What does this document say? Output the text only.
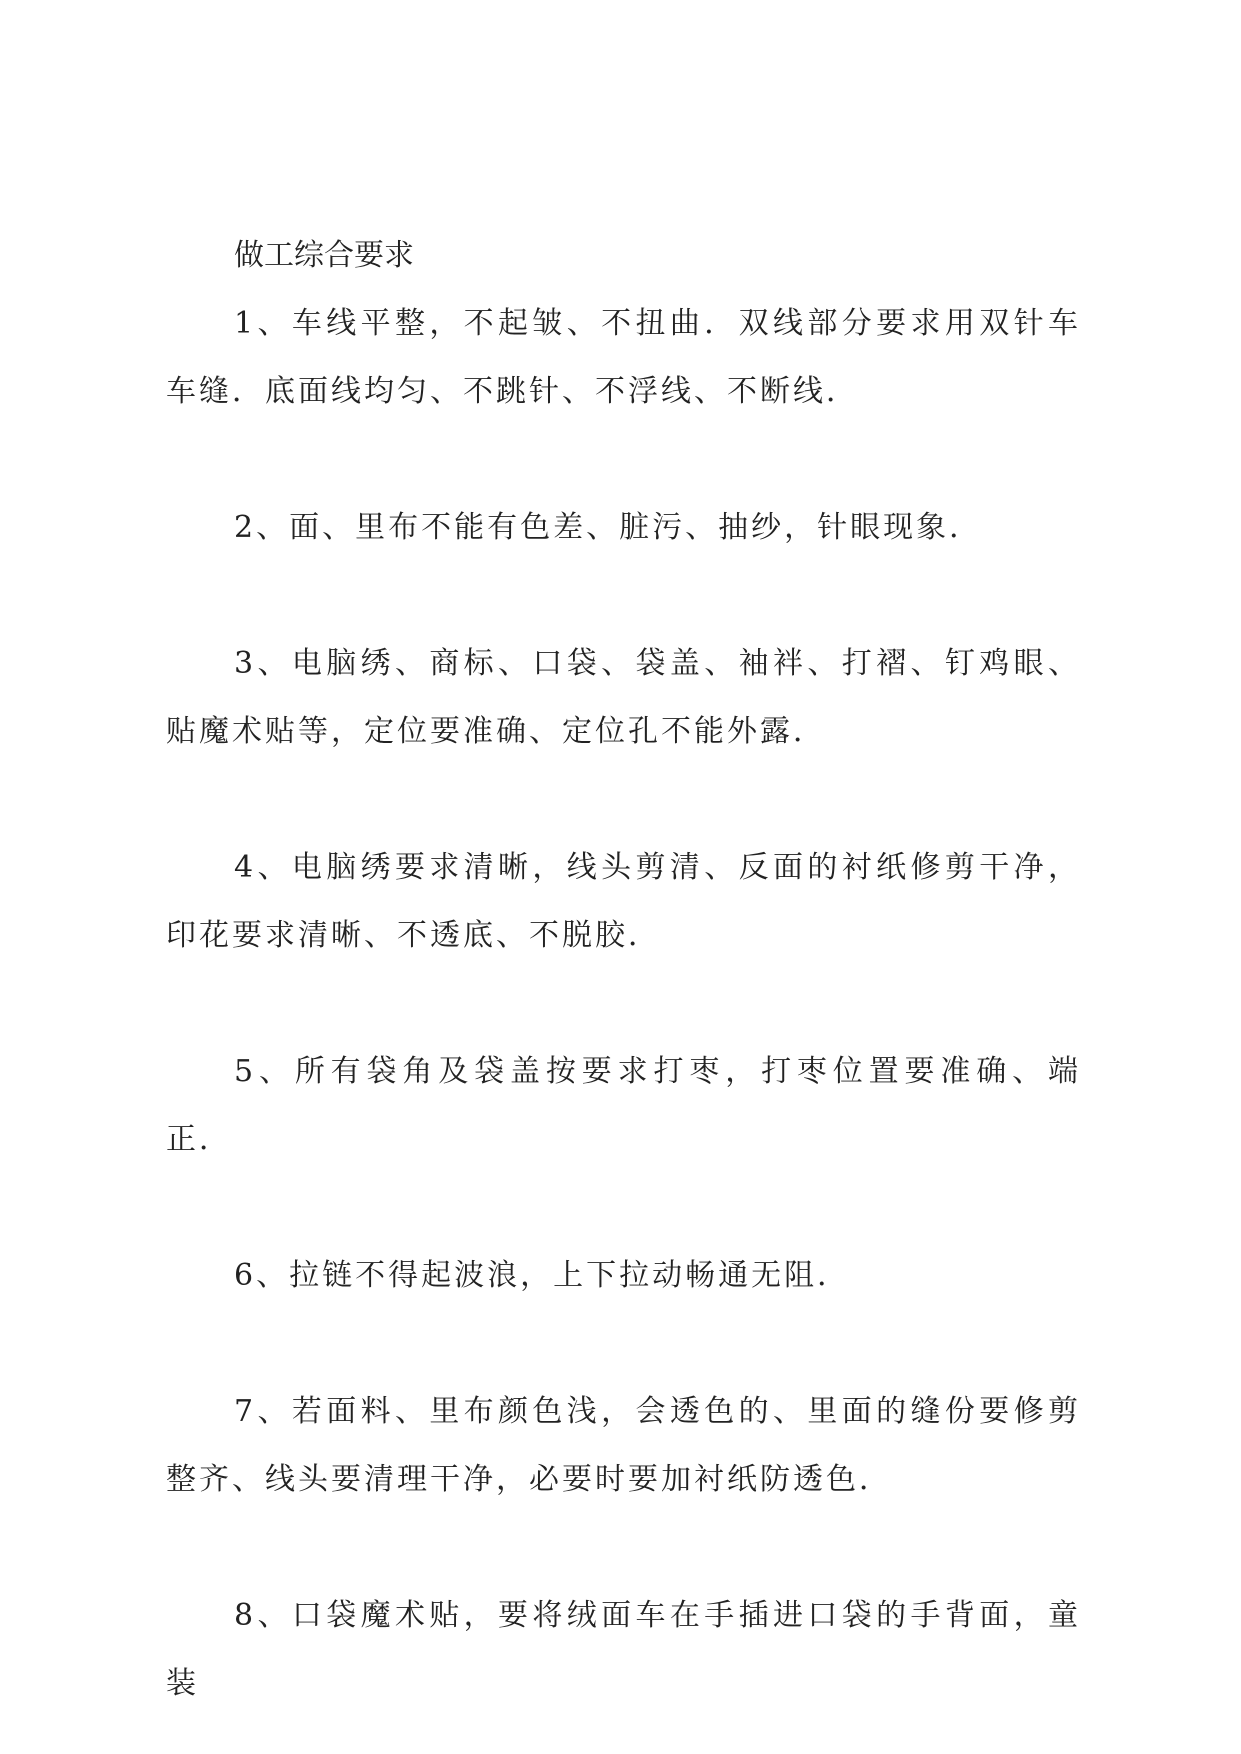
做工综合要求

1、车线平整，不起皱、不扭曲．双线部分要求用双针车车缝．底面线均匀、不跳针、不浮线、不断线．

2、面、里布不能有色差、脏污、抽纱，针眼现象．

3、电脑绣、商标、口袋、袋盖、袖袢、打褶、钉鸡眼、贴魔术贴等，定位要准确、定位孔不能外露．

4、电脑绣要求清晰，线头剪清、反面的衬纸修剪干净，印花要求清晰、不透底、不脱胶．

5、所有袋角及袋盖按要求打枣，打枣位置要准确、端正．

6、拉链不得起波浪，上下拉动畅通无阻．

7、若面料、里布颜色浅，会透色的、里面的缝份要修剪整齐、线头要清理干净，必要时要加衬纸防透色．

8、口袋魔术贴，要将绒面车在手插进口袋的手背面，童装
